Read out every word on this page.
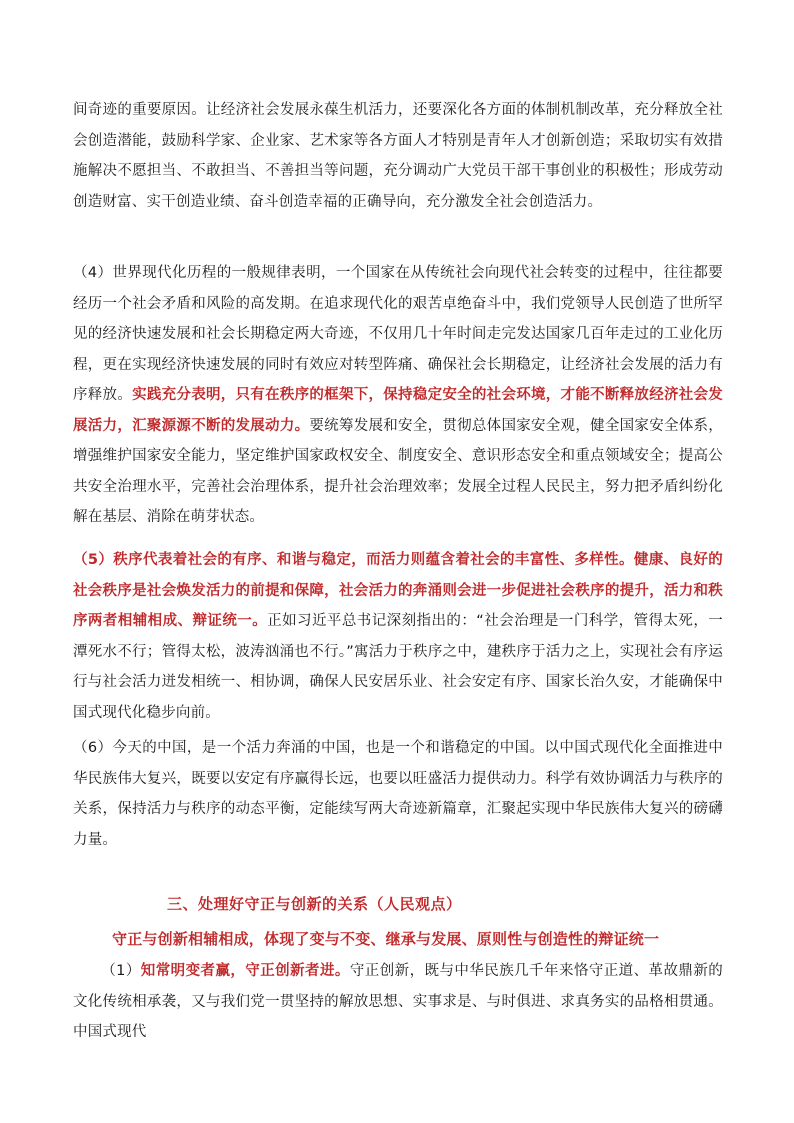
间奇迹的重要原因。让经济社会发展永葆生机活力，还要深化各方面的体制机制改革，充分释放全社会创造潜能，鼓励科学家、企业家、艺术家等各方面人才特别是青年人才创新创造；采取切实有效措施解决不愿担当、不敢担当、不善担当等问题，充分调动广大党员干部干事创业的积极性；形成劳动创造财富、实干创造业绩、奋斗创造幸福的正确导向，充分激发全社会创造活力。
（4）世界现代化历程的一般规律表明，一个国家在从传统社会向现代社会转变的过程中，往往都要经历一个社会矛盾和风险的高发期。在追求现代化的艰苦卓绝奋斗中，我们党领导人民创造了世所罕见的经济快速发展和社会长期稳定两大奇迹，不仅用几十年时间走完发达国家几百年走过的工业化历程，更在实现经济快速发展的同时有效应对转型阵痛、确保社会长期稳定，让经济社会发展的活力有序释放。实践充分表明，只有在秩序的框架下，保持稳定安全的社会环境，才能不断释放经济社会发展活力，汇聚源源不断的发展动力。要统筹发展和安全，贯彻总体国家安全观，健全国家安全体系，增强维护国家安全能力，坚定维护国家政权安全、制度安全、意识形态安全和重点领域安全；提高公共安全治理水平，完善社会治理体系，提升社会治理效率；发展全过程人民民主，努力把矛盾纠纷化解在基层、消除在萌芽状态。
（5）秩序代表着社会的有序、和谐与稳定，而活力则蕴含着社会的丰富性、多样性。健康、良好的社会秩序是社会焕发活力的前提和保障，社会活力的奔涌则会进一步促进社会秩序的提升，活力和秩序两者相辅相成、辩证统一。正如习近平总书记深刻指出的：“社会治理是一门科学，管得太死，一潭死水不行；管得太松，波涛汹涌也不行。”寓活力于秩序之中，建秩序于活力之上，实现社会有序运行与社会活力迸发相统一、相协调，确保人民安居乐业、社会安定有序、国家长治久安，才能确保中国式现代化稳步向前。
（6）今天的中国，是一个活力奔涌的中国，也是一个和谐稳定的中国。以中国式现代化全面推进中华民族伟大复兴，既要以安定有序赢得长远，也要以旺盛活力提供动力。科学有效协调活力与秩序的关系，保持活力与秩序的动态平衡，定能续写两大奇迹新篇章，汇聚起实现中华民族伟大复兴的磅礴力量。
三、处理好守正与创新的关系（人民观点）
守正与创新相辅相成，体现了变与不变、继承与发展、原则性与创造性的辩证统一
（1）知常明变者赢，守正创新者进。守正创新，既与中华民族几千年来恪守正道、革故鼎新的文化传统相承袭，又与我们党一贯坚持的解放思想、实事求是、与时俱进、求真务实的品格相贯通。中国式现代
